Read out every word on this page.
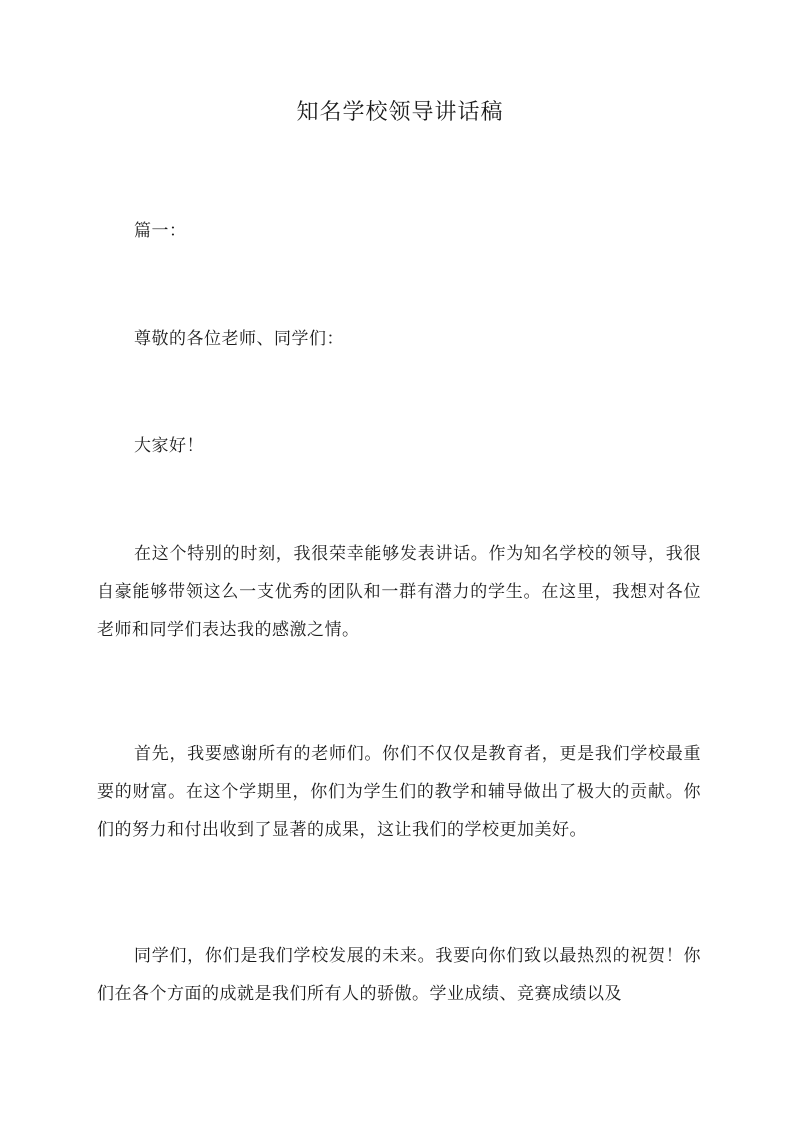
知名学校领导讲话稿

篇一：

尊敬的各位老师、同学们：

大家好！

在这个特别的时刻，我很荣幸能够发表讲话。作为知名学校的领导，我很自豪能够带领这么一支优秀的团队和一群有潜力的学生。在这里，我想对各位老师和同学们表达我的感激之情。

首先，我要感谢所有的老师们。你们不仅仅是教育者，更是我们学校最重要的财富。在这个学期里，你们为学生们的教学和辅导做出了极大的贡献。你们的努力和付出收到了显著的成果，这让我们的学校更加美好。

同学们，你们是我们学校发展的未来。我要向你们致以最热烈的祝贺！你们在各个方面的成就是我们所有人的骄傲。学业成绩、竞赛成绩以及
